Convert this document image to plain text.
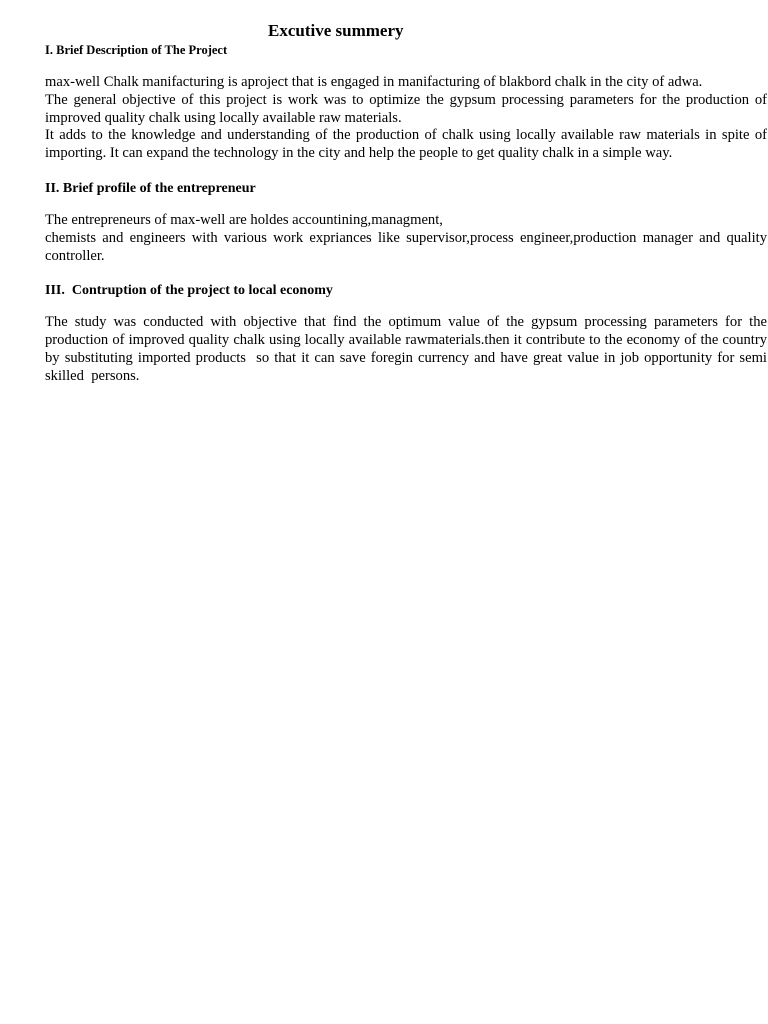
Excutive summery
I. Brief Description of The Project

max-well Chalk manifacturing is aproject that is engaged in manifacturing of blakbord chalk in the city of adwa.

The general objective of this project is work was to optimize the gypsum processing parameters for the production of improved quality chalk using locally available raw materials.

It adds to the knowledge and understanding of the production of chalk using locally available raw materials in spite of importing. It can expand the technology in the city and help the people to get quality chalk in a simple way.

II. Brief profile of the entrepreneur

The entrepreneurs of max-well are holdes accountining,managment,

chemists and engineers with various work expriances like supervisor,process engineer,production manager and quality controller.

III.  Contruption of the project to local economy

The study was conducted with objective that find the optimum value of the gypsum processing parameters for the production of improved quality chalk using locally available rawmaterials.then it contribute to the economy of the country by substituting imported products  so that it can save foregin currency and have great value in job opportunity for semi skilled  persons.
